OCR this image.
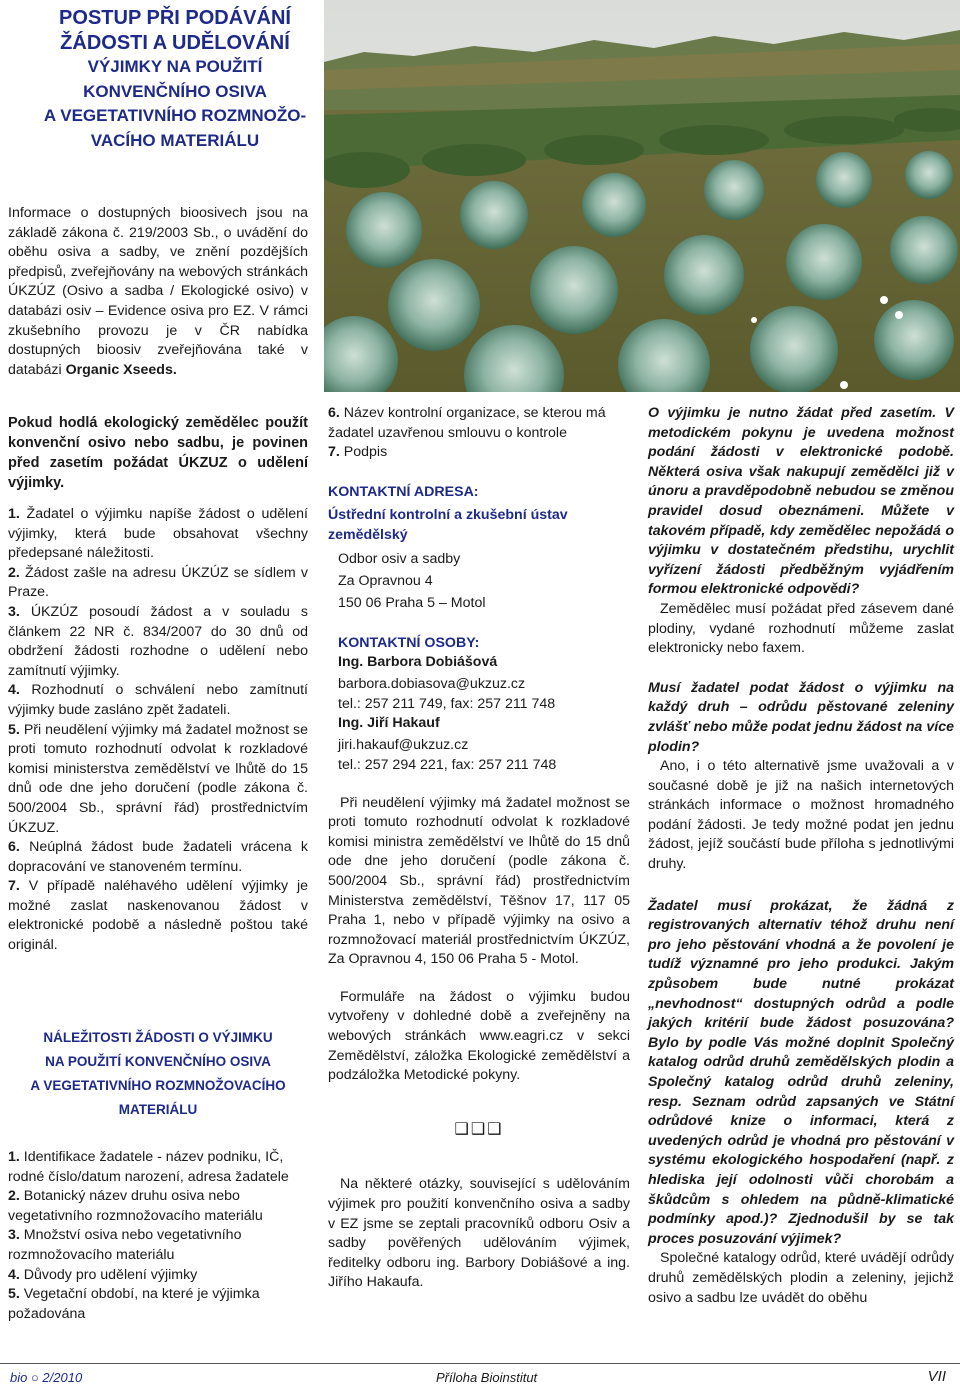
POSTUP PŘI PODÁVÁNÍ
ŽÁDOSTI A UDĚLOVÁNÍ
VÝJIMKY NA POUŽITÍ
KONVENČNÍHO OSIVA
A VEGETATIVNÍHO ROZMNOŽO-
VACÍHO MATERIÁLU
Informace o dostupných bioosivech jsou na základě zákona č. 219/2003 Sb., o uvádění do oběhu osiva a sadby, ve znění pozdějších předpisů, zveřejňovány na webových stránkách ÚKZÚZ (Osivo a sadba / Ekologické osivo) v databázi osiv – Evidence osiva pro EZ. V rámci zkušebního provozu je v ČR nabídka dostupných bioosiv zveřejňována také v databázi Organic Xseeds.
Pokud hodlá ekologický zemědělec použít konvenční osivo nebo sadbu, je povinen před zasetím požádat ÚKZUZ o udělení výjimky.

1. Žadatel o výjimku napíše žádost o udělení výjimky, která bude obsahovat všechny předepsané náležitosti.

2. Žádost zašle na adresu ÚKZÚZ se sídlem v Praze.

3. ÚKZÚZ posoudí žádost a v souladu s článkem 22 NR č. 834/2007 do 30 dnů od obdržení žádosti rozhodne o udělení nebo zamítnutí výjimky.

4. Rozhodnutí o schválení nebo zamítnutí výjimky bude zasláno zpět žadateli.

5. Při neudělení výjimky má žadatel možnost se proti tomuto rozhodnutí odvolat k rozkladové komisi ministerstva zemědělství ve lhůtě do 15 dnů ode dne jeho doručení (podle zákona č. 500/2004 Sb., správní řád) prostřednictvím ÚKZUZ.

6. Neúplná žádost bude žadateli vrácena k dopracování ve stanoveném termínu.

7. V případě naléhavého udělení výjimky je možné zaslat naskenovanou žádost v elektronické podobě a následně poštou také originál.

NÁLEŽITOSTI ŽÁDOSTI O VÝJIMKU
NA POUŽITÍ KONVENČNÍHO OSIVA
A VEGETATIVNÍHO ROZMNOŽOVACÍHO
MATERIÁLU

1. Identifikace žadatele - název podniku, IČ, rodné číslo/datum narození, adresa žadatele

2. Botanický název druhu osiva nebo vegetativního rozmnožovacího materiálu

3. Množství osiva nebo vegetativního rozmnožovacího materiálu

4. Důvody pro udělení výjimky

5. Vegetační období, na které je výjimka požadována

6. Název kontrolní organizace, se kterou má žadatel uzavřenou smlouvu o kontrole

7. Podpis

KONTAKTNÍ ADRESA:

Ústřední kontrolní a zkušební ústav zemědělský

Odbor osiv a sadby

Za Opravnou 4

150 06 Praha 5 – Motol

KONTAKTNÍ OSOBY:

Ing. Barbora Dobiášová

barbora.dobiasova@ukzuz.cz

tel.: 257 211 749, fax: 257 211 748

Ing. Jiří Hakauf

jiri.hakauf@ukzuz.cz

tel.: 257 294 221, fax: 257 211 748

Při neudělení výjimky má žadatel možnost se proti tomuto rozhodnutí odvolat k rozkladové komisi ministra zemědělství ve lhůtě do 15 dnů ode dne jeho doručení (podle zákona č. 500/2004 Sb., správní řád) prostřednictvím Ministerstva zemědělství, Těšnov 17, 117 05 Praha 1, nebo v případě výjimky na osivo a rozmnožovací materiál prostřednictvím ÚKZÚZ, Za Opravnou 4, 150 06 Praha 5 - Motol.

Formuláře na žádost o výjimku budou vytvořeny v dohledné době a zveřejněny na webových stránkách www.eagri.cz v sekci Zemědělství, záložka Ekologické zemědělství a podzáložka Metodické pokyny.

❑❑❑

Na některé otázky, související s udělováním výjimek pro použití konvenčního osiva a sadby v EZ jsme se zeptali pracovníků odboru Osiv a sadby pověřených udělováním výjimek, ředitelky odboru ing. Barbory Dobiášové a ing. Jiřího Hakaufa.

O výjimku je nutno žádat před zasetím. V metodickém pokynu je uvedena možnost podání žádosti v elektronické podobě. Některá osiva však nakupují zemědělci již v únoru a pravděpodobně nebudou se změnou pravidel dosud obeznámeni. Můžete v takovém případě, kdy zemědělec nepožádá o výjimku v dostatečném předstihu, urychlit vyřízení žádosti předběžným vyjádřením formou elektronické odpovědi?

Zemědělec musí požádat před zásevem dané plodiny, vydané rozhodnutí můžeme zaslat elektronicky nebo faxem.

Musí žadatel podat žádost o výjimku na každý druh – odrůdu pěstované zeleniny zvlášť nebo může podat jednu žádost na více plodin?

Ano, i o této alternativě jsme uvažovali a v současné době je již na našich internetových stránkách informace o možnost hromadného podání žádosti. Je tedy možné podat jen jednu žádost, jejíž součástí bude příloha s jednotlivými druhy.

Žadatel musí prokázat, že žádná z registrovaných alternativ téhož druhu není pro jeho pěstování vhodná a že povolení je tudíž významné pro jeho produkci. Jakým způsobem bude nutné prokázat „nevhodnost“ dostupných odrůd a podle jakých kritérií bude žádost posuzována? Bylo by podle Vás možné doplnit Společný katalog odrůd druhů zemědělských plodin a Společný katalog odrůd druhů zeleniny, resp. Seznam odrůd zapsaných ve Státní odrůdové knize o informaci, která z uvedených odrůd je vhodná pro pěstování v systému ekologického hospodaření (např. z hlediska její odolnosti vůči chorobám a škůdcům s ohledem na půdně-klimatické podmínky apod.)? Zjednodušil by se tak proces posuzování výjimek?

Společné katalogy odrůd, které uvádějí odrůdy druhů zemědělských plodin a zeleniny, jejichž osivo a sadbu lze uvádět do oběhu

bio ○ 2/2010	Příloha Bioinstitut	VII
